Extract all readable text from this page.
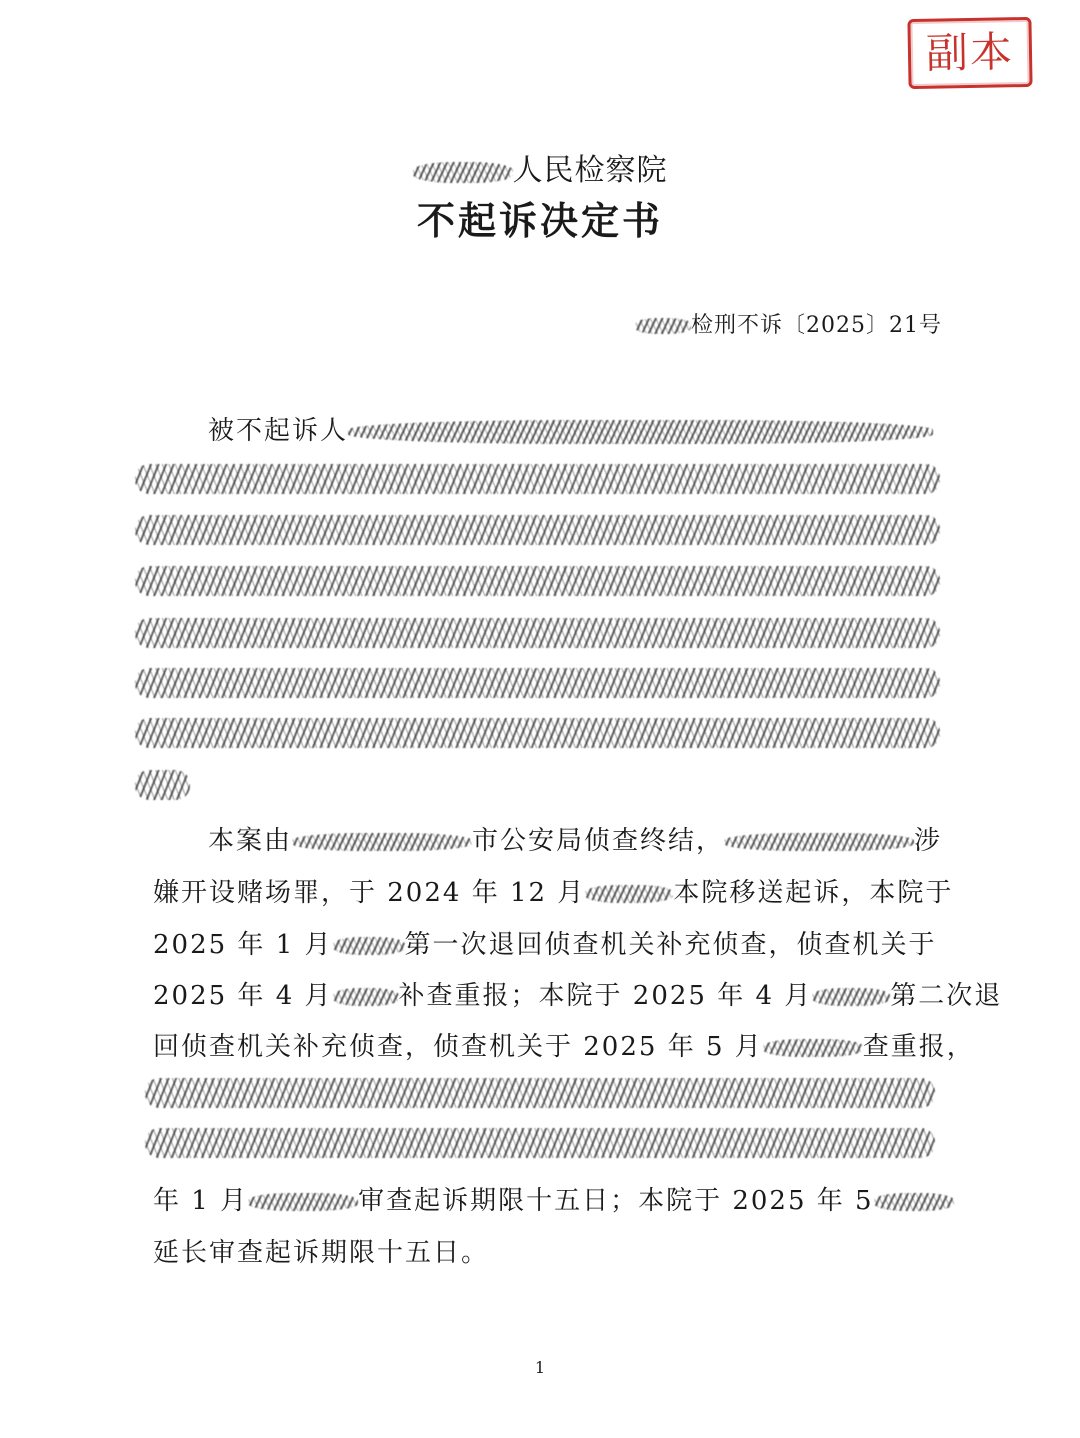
副本
人民检察院
不起诉决定书
检刑不诉〔2025〕21号
被不起诉人
本案由	市公安局侦查终结，	涉
嫌开设赌场罪，于 2024 年 12 月	本院移送起诉，本院于
2025 年 1 月	第一次退回侦查机关补充侦查，侦查机关于
2025 年 4 月	补查重报；本院于 2025 年 4 月	第二次退
回侦查机关补充侦查，侦查机关于 2025 年 5 月	查重报，
年 1 月	审查起诉期限十五日；本院于 2025 年 5
延长审查起诉期限十五日。
1
